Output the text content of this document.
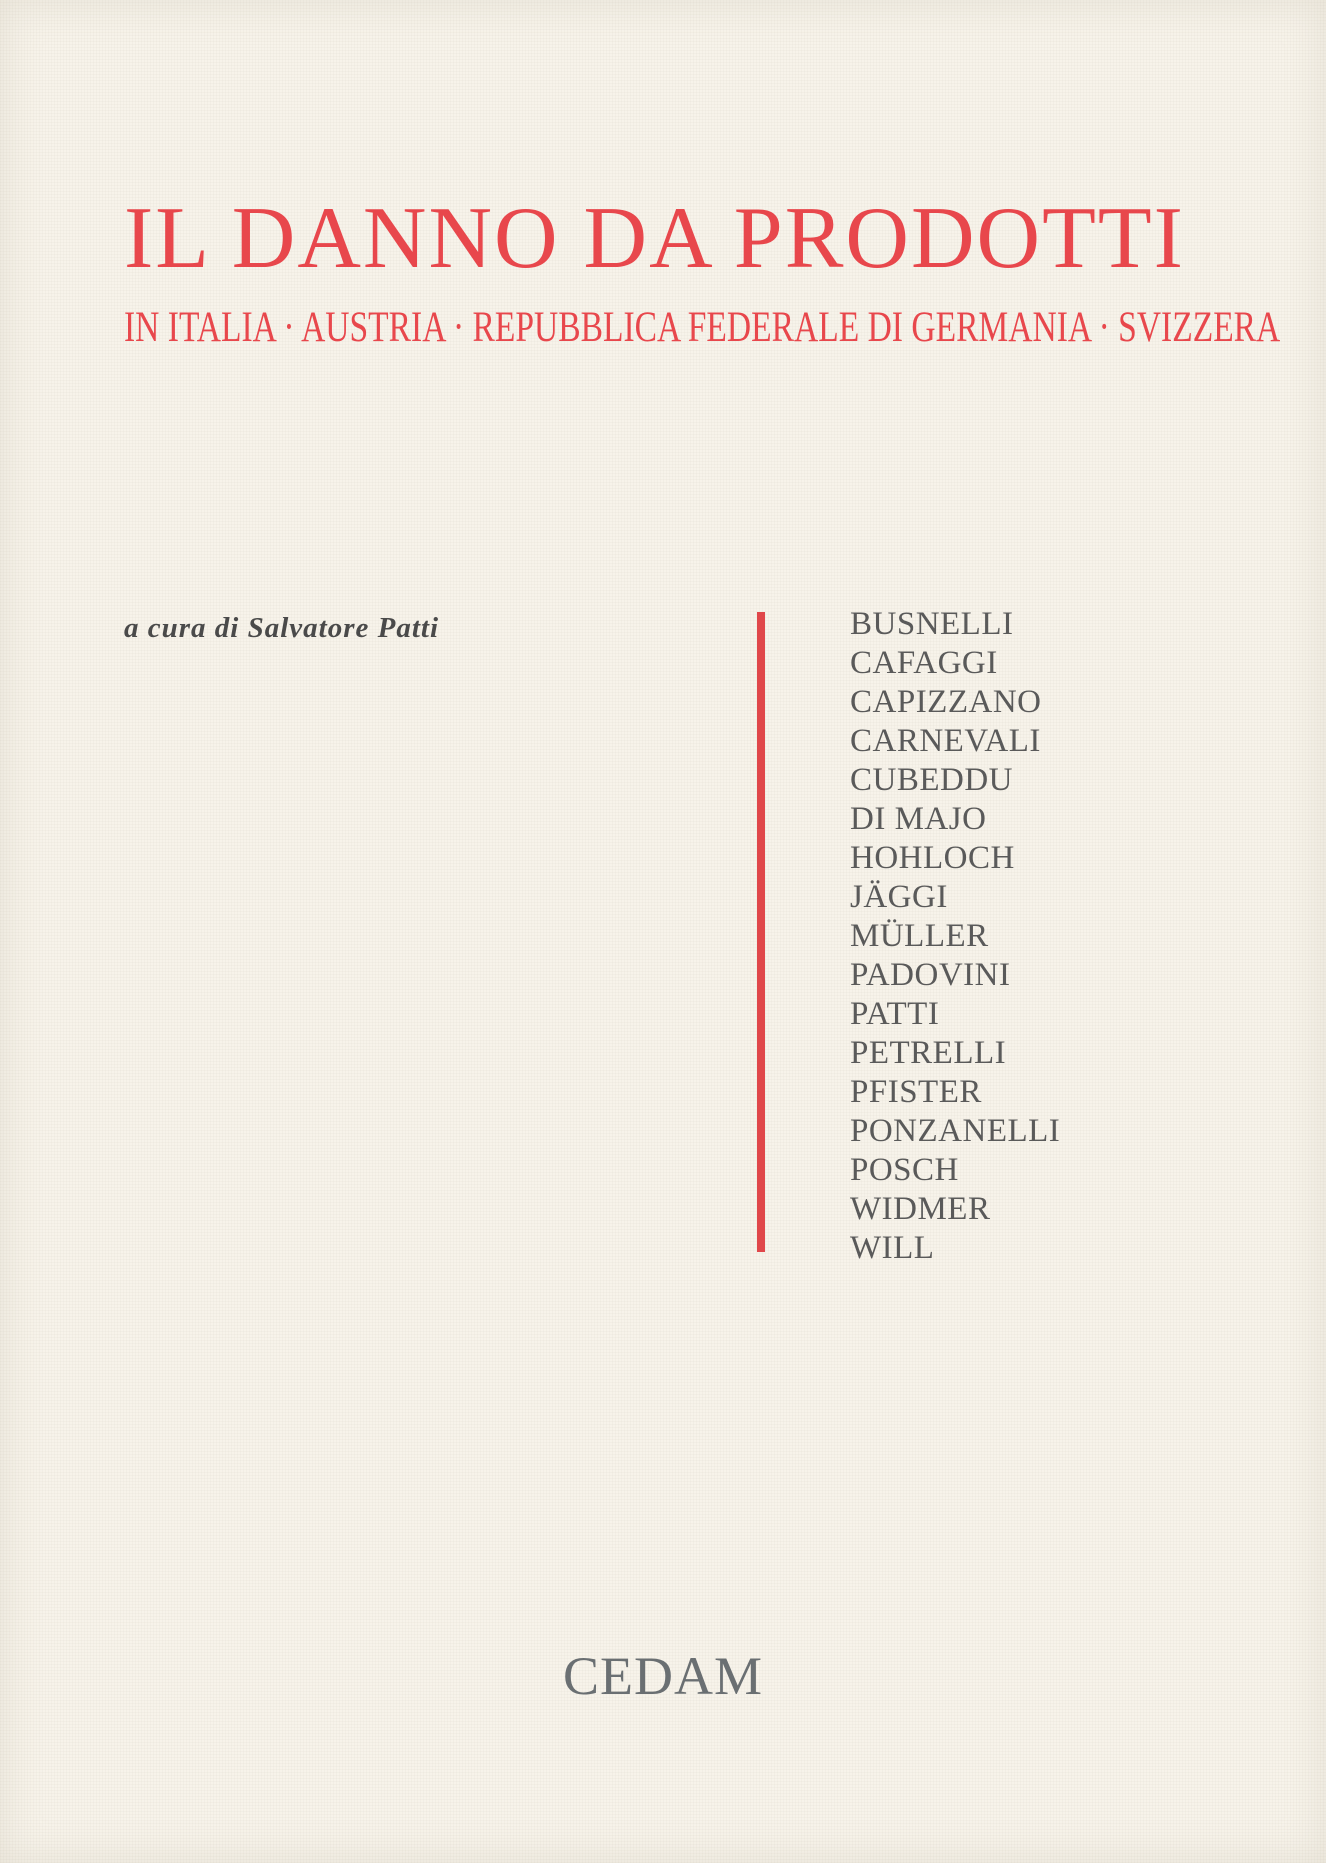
IL DANNO DA PRODOTTI
IN ITALIA · AUSTRIA · REPUBBLICA FEDERALE DI GERMANIA · SVIZZERA
a cura di Salvatore Patti	BUSNELLI
CAFAGGI
CAPIZZANO
CARNEVALI
CUBEDDU
DI MAJO
HOHLOCH
JÄGGI
MÜLLER
PADOVINI
PATTI
PETRELLI
PFISTER
PONZANELLI
POSCH
WIDMER
WILL
CEDAM
